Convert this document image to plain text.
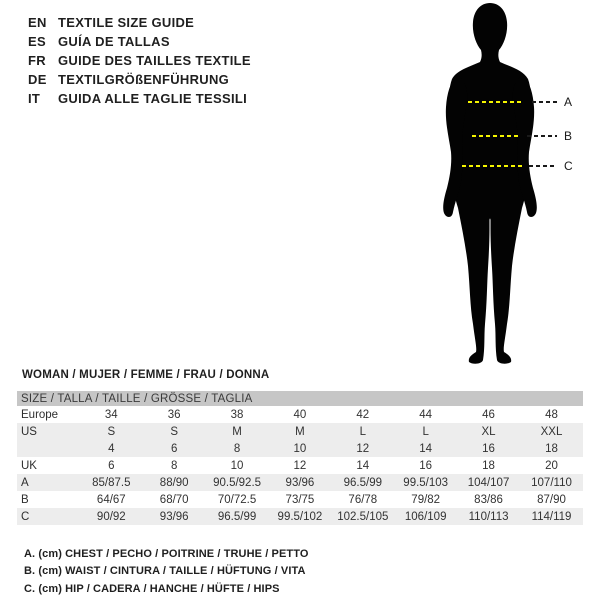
EN TEXTILE SIZE GUIDE
ES GUÍA DE TALLAS
FR GUIDE DES TAILLES TEXTILE
DE TEXTILGRÖßENFÜHRUNG
IT	GUIDA ALLE TAGLIE TESSILI	A
B
C
WOMAN / MUJER / FEMME / FRAU / DONNA
SIZE / TALLA / TAILLE / GRÖSSE / TAGLIA								
Europe	34	36	38	40	42	44	46	48
US	S	S	M	M	L	L	XL	XXL
	4	6	8	10	12	14	16	18
UK	6	8	10	12	14	16	18	20
A	85/87.5	88/90	90.5/92.5	93/96	96.5/99	99.5/103	104/107	107/110
B	64/67	68/70	70/72.5	73/75	76/78	79/82	83/86	87/90
C	90/92	93/96	96.5/99	99.5/102	102.5/105	106/109	110/113	114/119
A. (cm) CHEST / PECHO / POITRINE / TRUHE / PETTO
B. (cm) WAIST / CINTURA / TAILLE / HÜFTUNG / VITA
C. (cm) HIP / CADERA / HANCHE / HÜFTE / HIPS
